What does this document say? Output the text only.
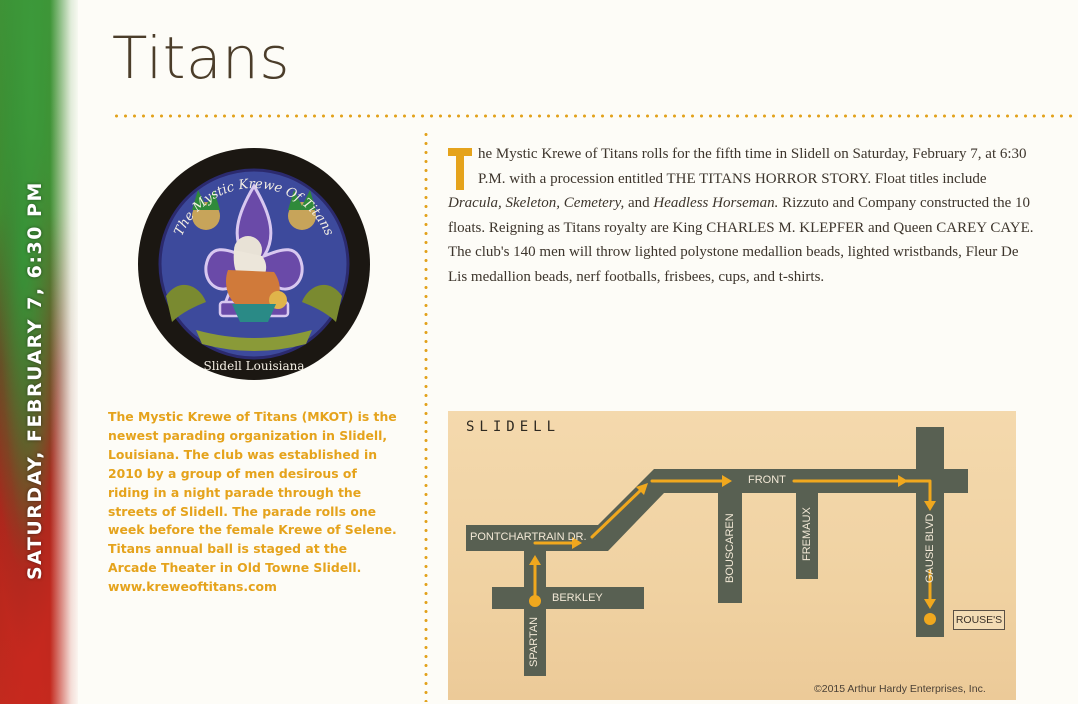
SATURDAY, FEBRUARY 7, 6:30 PM
Titans
The Mystic Krewe Of Titans
Slidell Louisiana
The Mystic Krewe of Titans (MKOT) is the newest parading organization in Slidell, Louisiana. The club was established in 2010 by a group of men desirous of riding in a night parade through the streets of Slidell. The parade rolls one week before the female Krewe of Selene. Titans annual ball is staged at the Arcade Theater in Old Towne Slidell. www.kreweoftitans.com
he Mystic Krewe of Titans rolls for the fifth time in Slidell on Saturday, February 7, at 6:30 P.M. with a procession entitled THE TITANS HORROR STORY. Float titles include Dracula, Skeleton, Cemetery, and Headless Horseman. Rizzuto and Company constructed the 10 floats. Reigning as Titans royalty are King CHARLES M. KLEPFER and Queen CAREY CAYE. The club's 140 men will throw lighted polystone medallion beads, lighted wristbands, Fleur De Lis medallion beads, nerf footballs, frisbees, cups, and t-shirts.
SLIDELL
PONTCHARTRAIN DR.
BERKLEY
SPARTAN
FRONT
BOUSCAREN	FREMAUX	GAUSE BLVD
ROUSE'S
©2015 Arthur Hardy Enterprises, Inc.
